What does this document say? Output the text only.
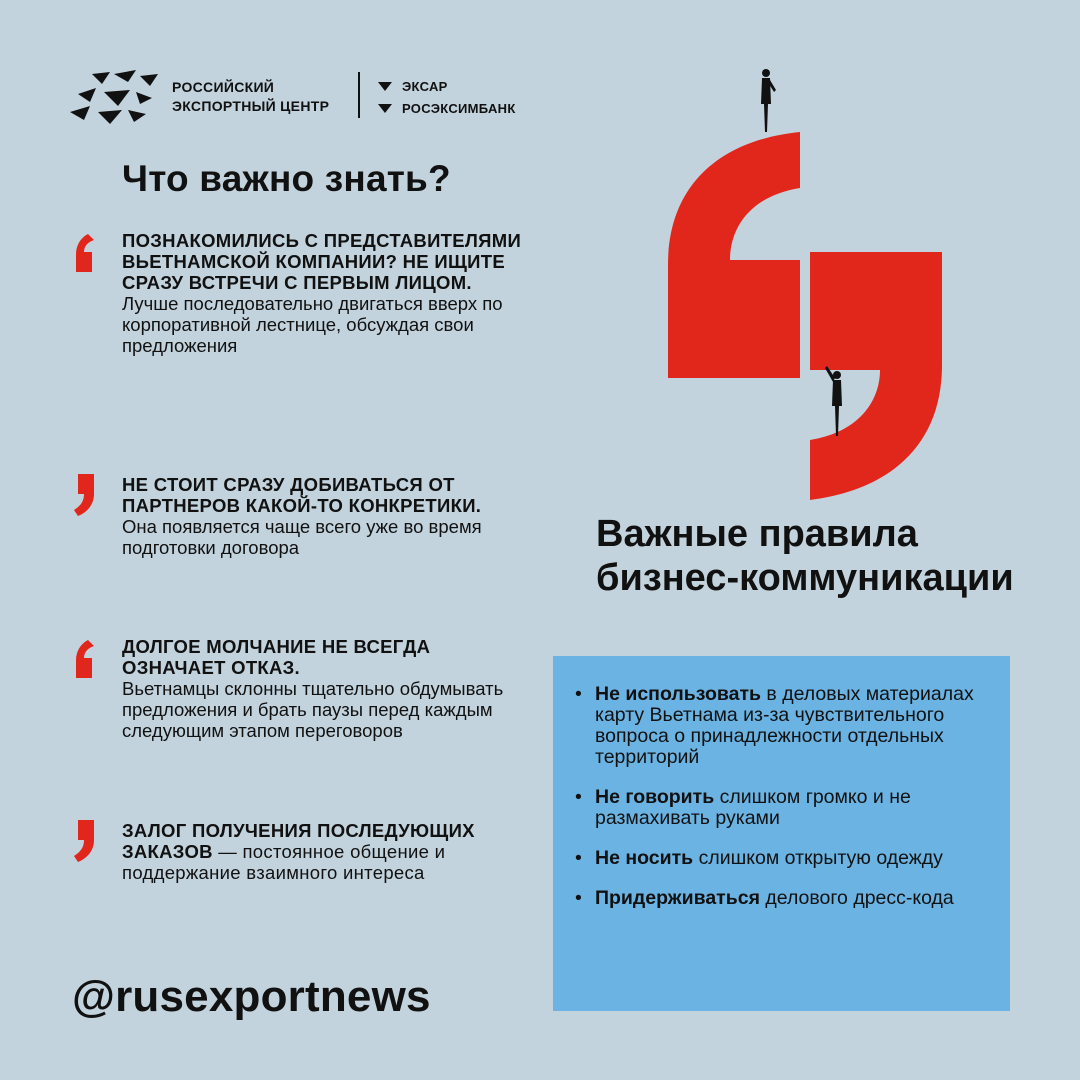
РОССИЙСКИЙ
ЭКСПОРТНЫЙ ЦЕНТР
ЭКСАР
РОСЭКСИМБАНК
Что важно знать?
ПОЗНАКОМИЛИСЬ С ПРЕДСТАВИТЕЛЯМИ ВЬЕТНАМСКОЙ КОМПАНИИ? НЕ ИЩИТЕ СРАЗУ ВСТРЕЧИ С ПЕРВЫМ ЛИЦОМ.
Лучше последовательно двигаться вверх по корпоративной лестнице, обсуждая свои предложения
НЕ СТОИТ СРАЗУ ДОБИВАТЬСЯ ОТ ПАРТНЕРОВ КАКОЙ-ТО КОНКРЕТИКИ.
Она появляется чаще всего уже во время подготовки договора
ДОЛГОЕ МОЛЧАНИЕ НЕ ВСЕГДА ОЗНАЧАЕТ ОТКАЗ.
Вьетнамцы склонны тщательно обдумывать предложения и брать паузы перед каждым следующим этапом переговоров
ЗАЛОГ ПОЛУЧЕНИЯ ПОСЛЕДУЮЩИХ ЗАКАЗОВ — постоянное общение и поддержание взаимного интереса
@rusexportnews
Важные правила бизнес-коммуникации
• Не использовать в деловых материалах карту Вьетнама из-за чувствительного вопроса о принадлежности отдельных территорий
• Не говорить слишком громко и не размахивать руками
• Не носить слишком открытую одежду
• Придерживаться делового дресс-кода
